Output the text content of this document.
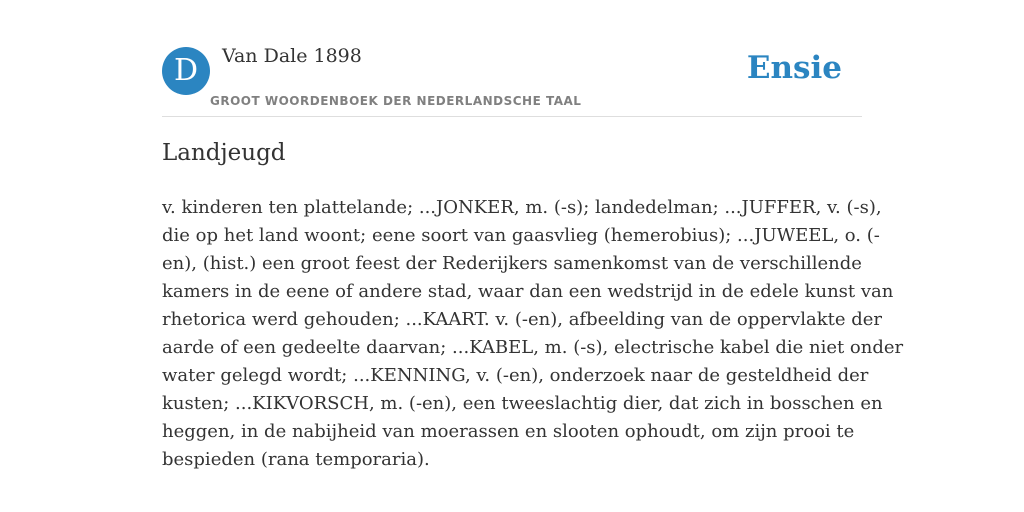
D	Van Dale 1898
GROOT WOORDENBOEK DER NEDERLANDSCHE TAAL
Ensie
Landjeugd
v. kinderen ten plattelande; ...JONKER, m. (-s); landedelman; ...JUFFER, v. (-s),
die op het land woont; eene soort van gaasvlieg (hemerobius); ...JUWEEL, o. (-
en), (hist.) een groot feest der Rederijkers samenkomst van de verschillende
kamers in de eene of andere stad, waar dan een wedstrijd in de edele kunst van
rhetorica werd gehouden; ...KAART. v. (-en), afbeelding van de oppervlakte der
aarde of een gedeelte daarvan; ...KABEL, m. (-s), electrische kabel die niet onder
water gelegd wordt; ...KENNING, v. (-en), onderzoek naar de gesteldheid der
kusten; ...KIKVORSCH, m. (-en), een tweeslachtig dier, dat zich in bosschen en
heggen, in de nabijheid van moerassen en slooten ophoudt, om zijn prooi te
bespieden (rana temporaria).
